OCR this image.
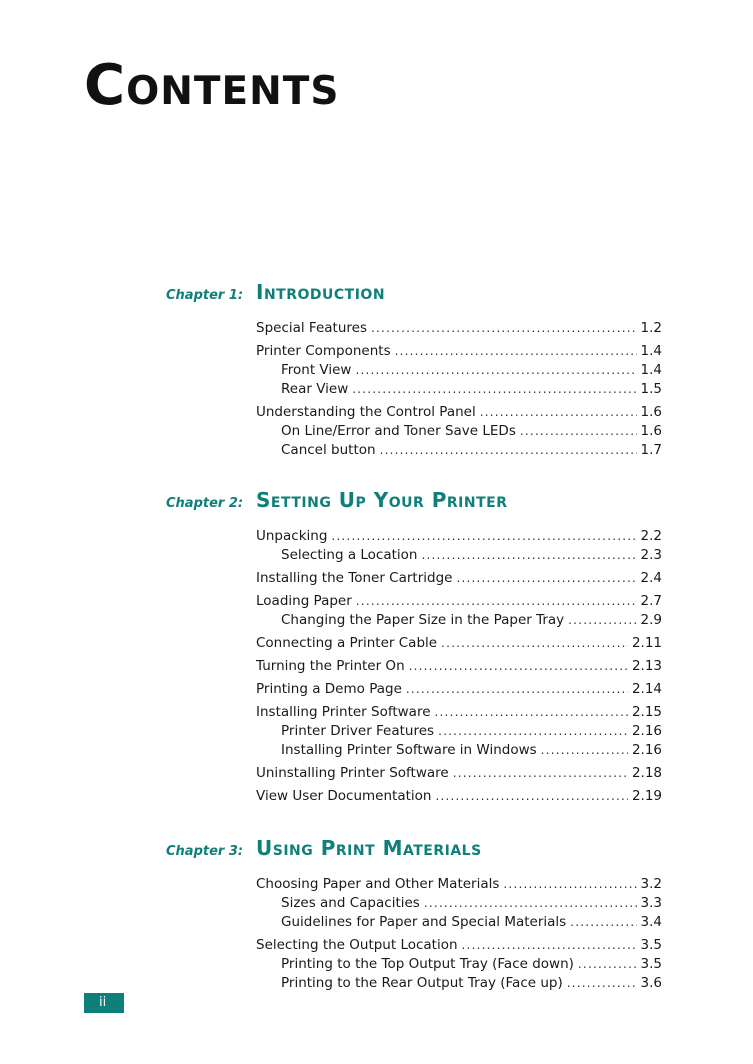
Contents
Chapter 1: Introduction
Special Features .....	1.2
Printer Components .....	1.4
Front View .....	1.4
Rear View .....	1.5
Understanding the Control Panel .....	1.6
On Line/Error and Toner Save LEDs .....	1.6
Cancel button .....	1.7
Chapter 2: Setting Up Your Printer
Unpacking .....	2.2
Selecting a Location .....	2.3
Installing the Toner Cartridge .....	2.4
Loading Paper .....	2.7
Changing the Paper Size in the Paper Tray .....	2.9
Connecting a Printer Cable .....	2.11
Turning the Printer On .....	2.13
Printing a Demo Page .....	2.14
Installing Printer Software .....	2.15
Printer Driver Features .....	2.16
Installing Printer Software in Windows .....	2.16
Uninstalling Printer Software .....	2.18
View User Documentation .....	2.19
Chapter 3: Using Print Materials
Choosing Paper and Other Materials .....	3.2
Sizes and Capacities .....	3.3
Guidelines for Paper and Special Materials .....	3.4
Selecting the Output Location .....	3.5
Printing to the Top Output Tray (Face down) .....	3.5
Printing to the Rear Output Tray (Face up) .....	3.6
ii
